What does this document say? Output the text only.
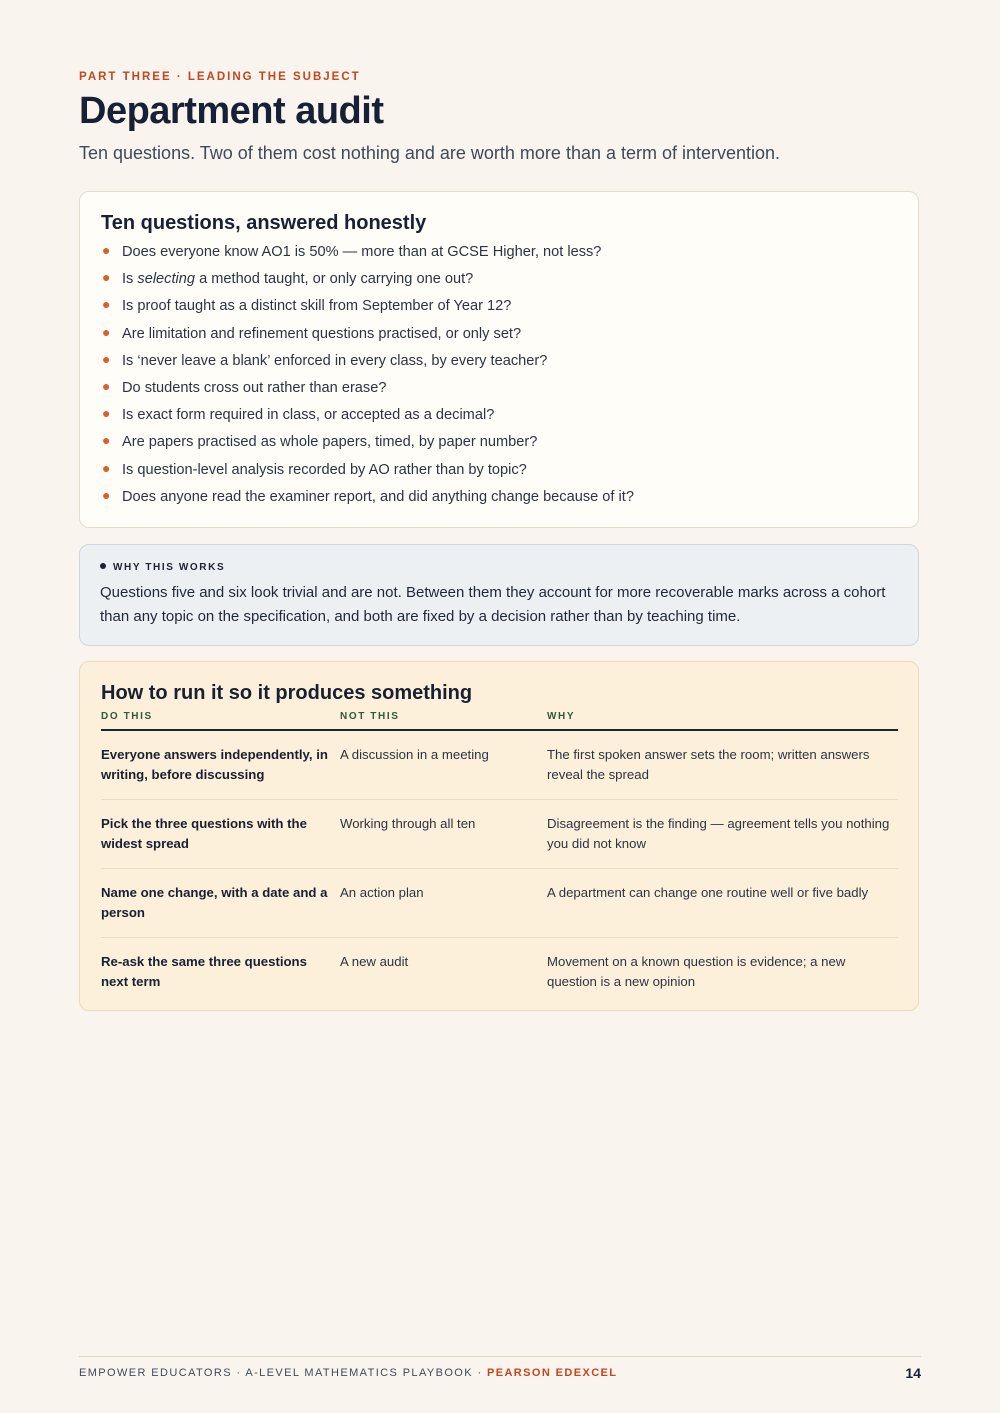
PART THREE · LEADING THE SUBJECT
Department audit

Ten questions. Two of them cost nothing and are worth more than a term of intervention.

Ten questions, answered honestly
● Does everyone know AO1 is 50% — more than at GCSE Higher, not less?
● Is selecting a method taught, or only carrying one out?
● Is proof taught as a distinct skill from September of Year 12?
● Are limitation and refinement questions practised, or only set?
● Is ‘never leave a blank’ enforced in every class, by every teacher?
● Do students cross out rather than erase?
● Is exact form required in class, or accepted as a decimal?
● Are papers practised as whole papers, timed, by paper number?
● Is question-level analysis recorded by AO rather than by topic?
● Does anyone read the examiner report, and did anything change because of it?
WHY THIS WORKS

Questions five and six look trivial and are not. Between them they account for more recoverable marks across a cohort than any topic on the specification, and both are fixed by a decision rather than by teaching time.

How to run it so it produces something
DO THIS	NOT THIS	WHY
Everyone answers independently, in writing, before discussing	A discussion in a meeting	The first spoken answer sets the room; written answers reveal the spread
Pick the three questions with the widest spread	Working through all ten	Disagreement is the finding — agreement tells you nothing you did not know
Name one change, with a date and a person	An action plan	A department can change one routine well or five badly
Re-ask the same three questions next term	A new audit	Movement on a known question is evidence; a new question is a new opinion
EMPOWER EDUCATORS · A-LEVEL MATHEMATICS PLAYBOOK · PEARSON EDEXCEL	14
